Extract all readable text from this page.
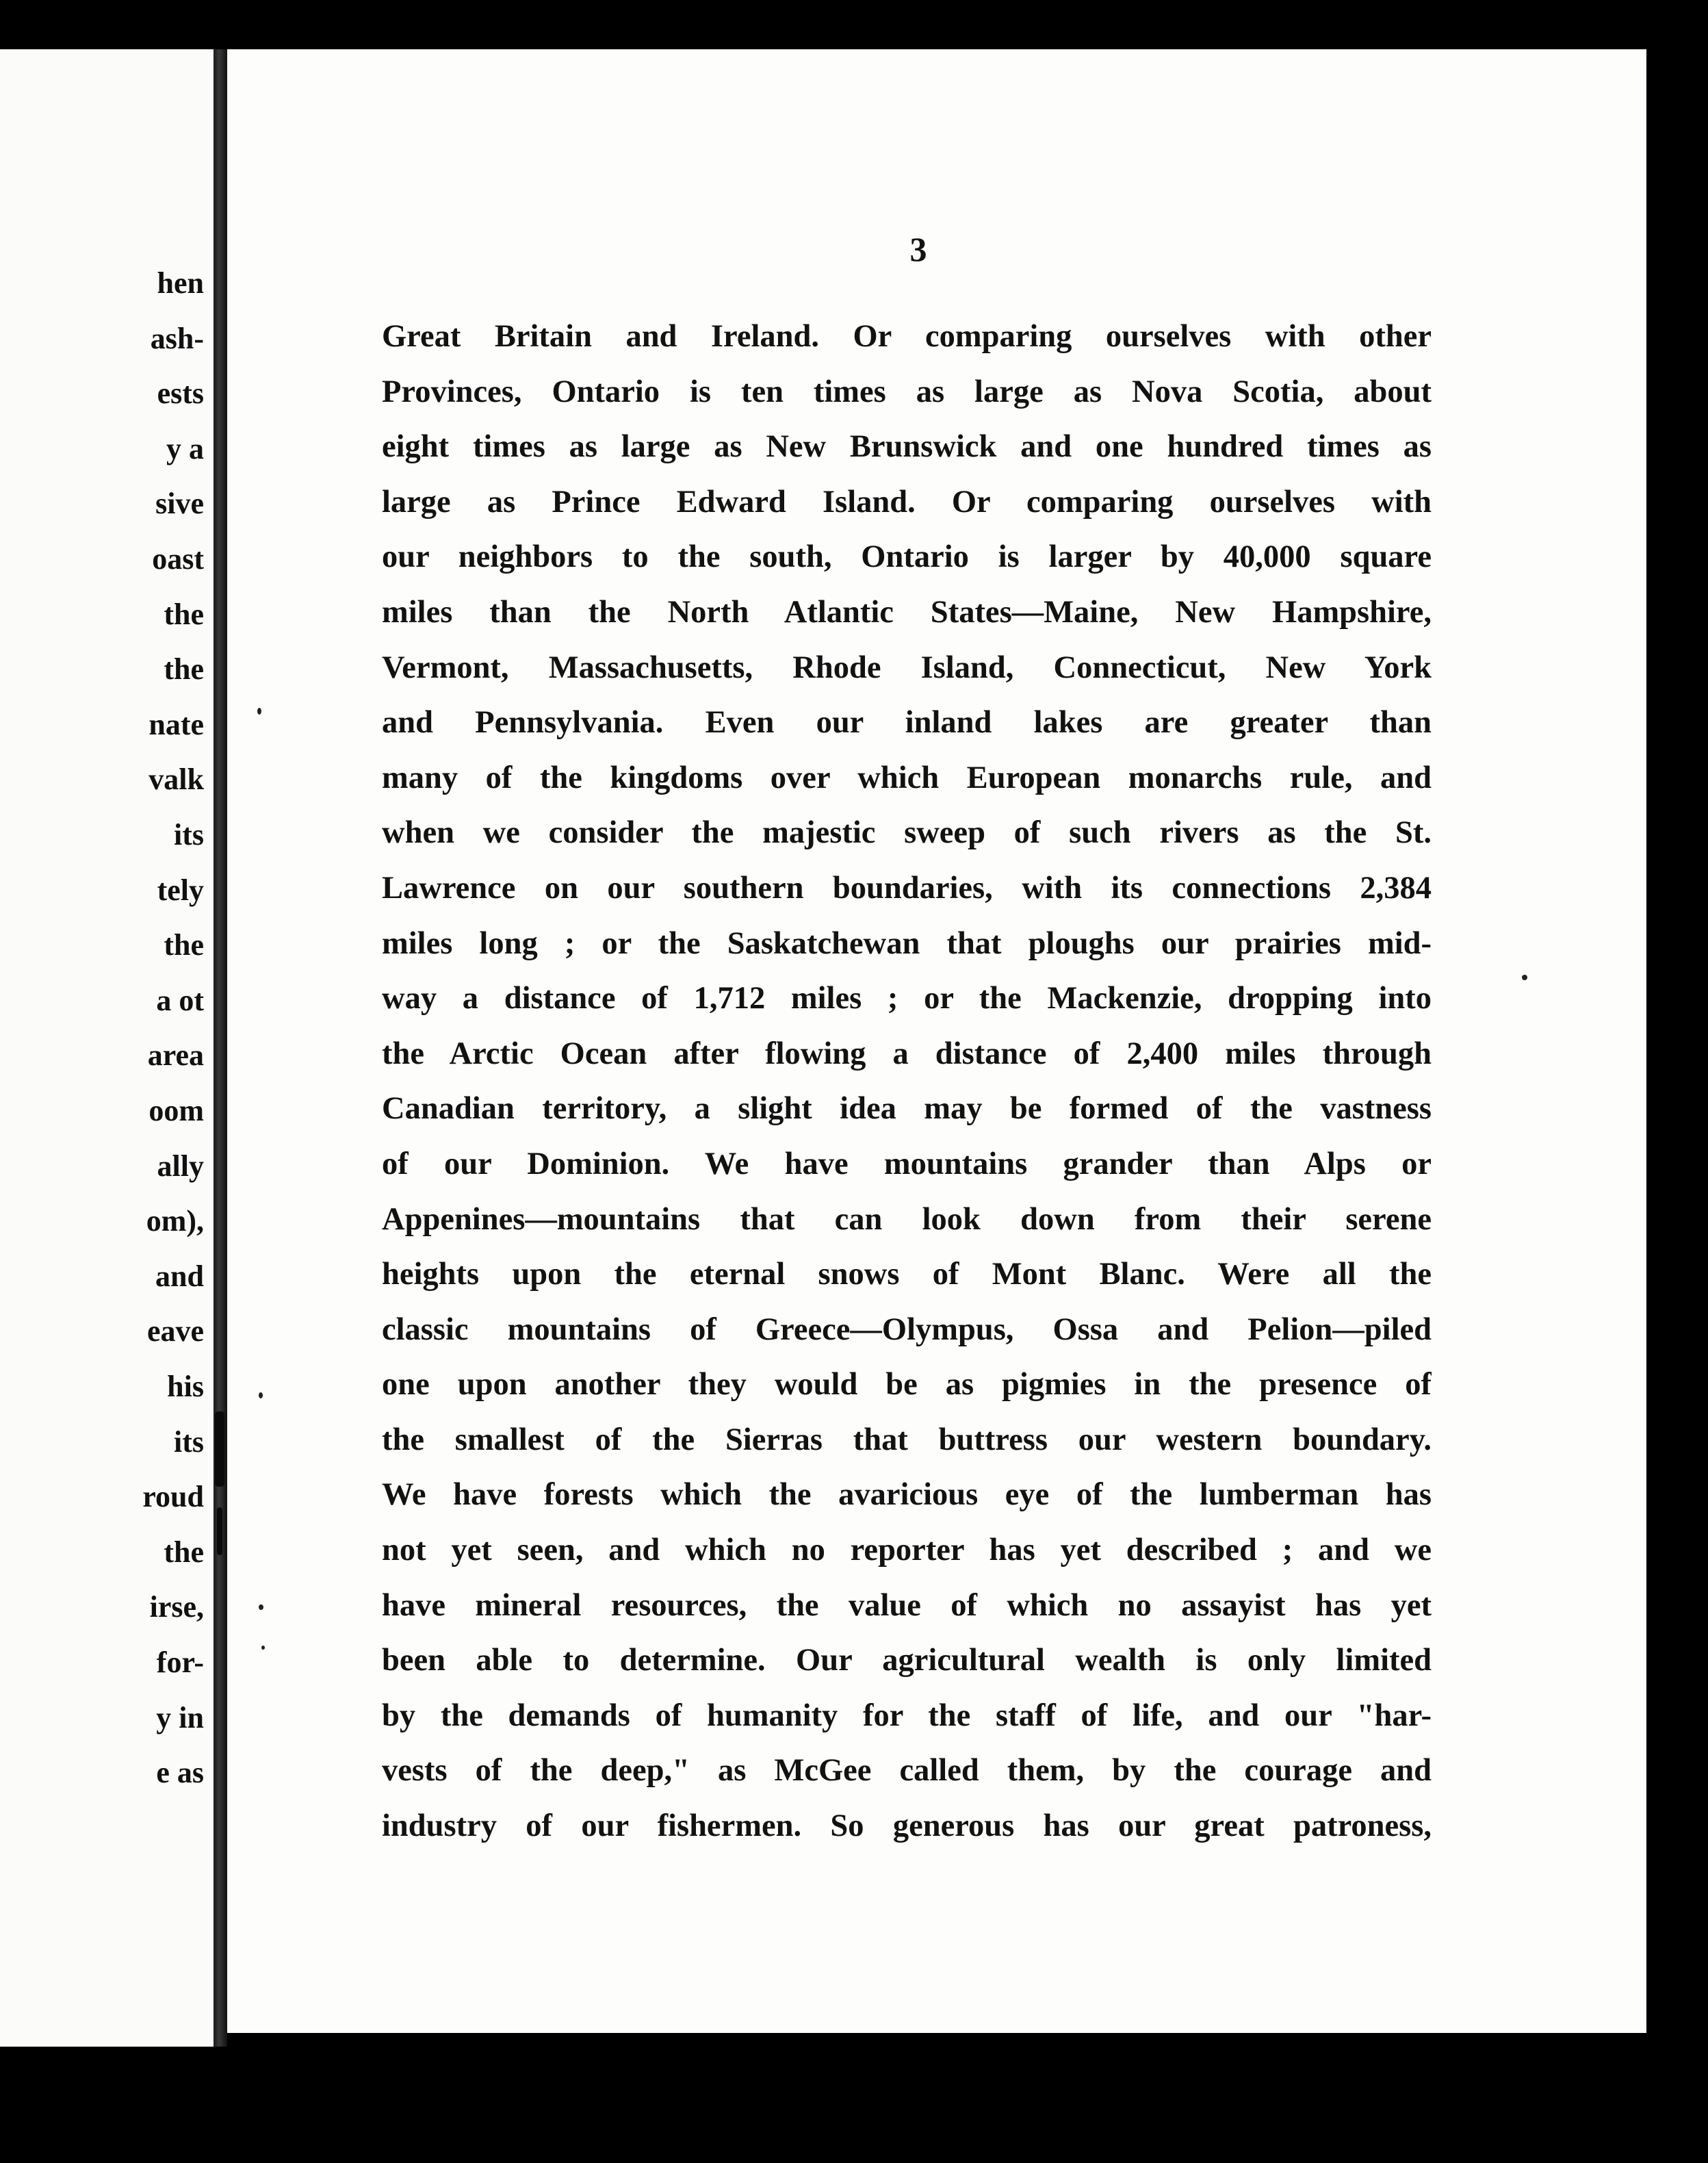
hen

ash-

ests

y a

sive

oast

the

the

nate

valk

its

tely

the

a ot

area

oom

ally

om),

and

eave

his

its

roud

the

irse,

for-

y in

e as

3

Great Britain and Ireland. Or comparing ourselves with other
Provinces, Ontario is ten times as large as Nova Scotia, about
eight times as large as New Brunswick and one hundred times as
large as Prince Edward Island. Or comparing ourselves with
our neighbors to the south, Ontario is larger by 40,000 square
miles than the North Atlantic States—Maine, New Hampshire,
Vermont, Massachusetts, Rhode Island, Connecticut, New York
and Pennsylvania. Even our inland lakes are greater than
many of the kingdoms over which European monarchs rule, and
when we consider the majestic sweep of such rivers as the St.
Lawrence on our southern boundaries, with its connections 2,384
miles long ; or the Saskatchewan that ploughs our prairies mid-
way a distance of 1,712 miles ; or the Mackenzie, dropping into
the Arctic Ocean after flowing a distance of 2,400 miles through
Canadian territory, a slight idea may be formed of the vastness
of our Dominion. We have mountains grander than Alps or
Appenines—mountains that can look down from their serene
heights upon the eternal snows of Mont Blanc. Were all the
classic mountains of Greece—Olympus, Ossa and Pelion—piled
one upon another they would be as pigmies in the presence of
the smallest of the Sierras that buttress our western boundary.
We have forests which the avaricious eye of the lumberman has
not yet seen, and which no reporter has yet described ; and we
have mineral resources, the value of which no assayist has yet
been able to determine. Our agricultural wealth is only limited
by the demands of humanity for the staff of life, and our "har-
vests of the deep," as McGee called them, by the courage and
industry of our fishermen. So generous has our great patroness,
